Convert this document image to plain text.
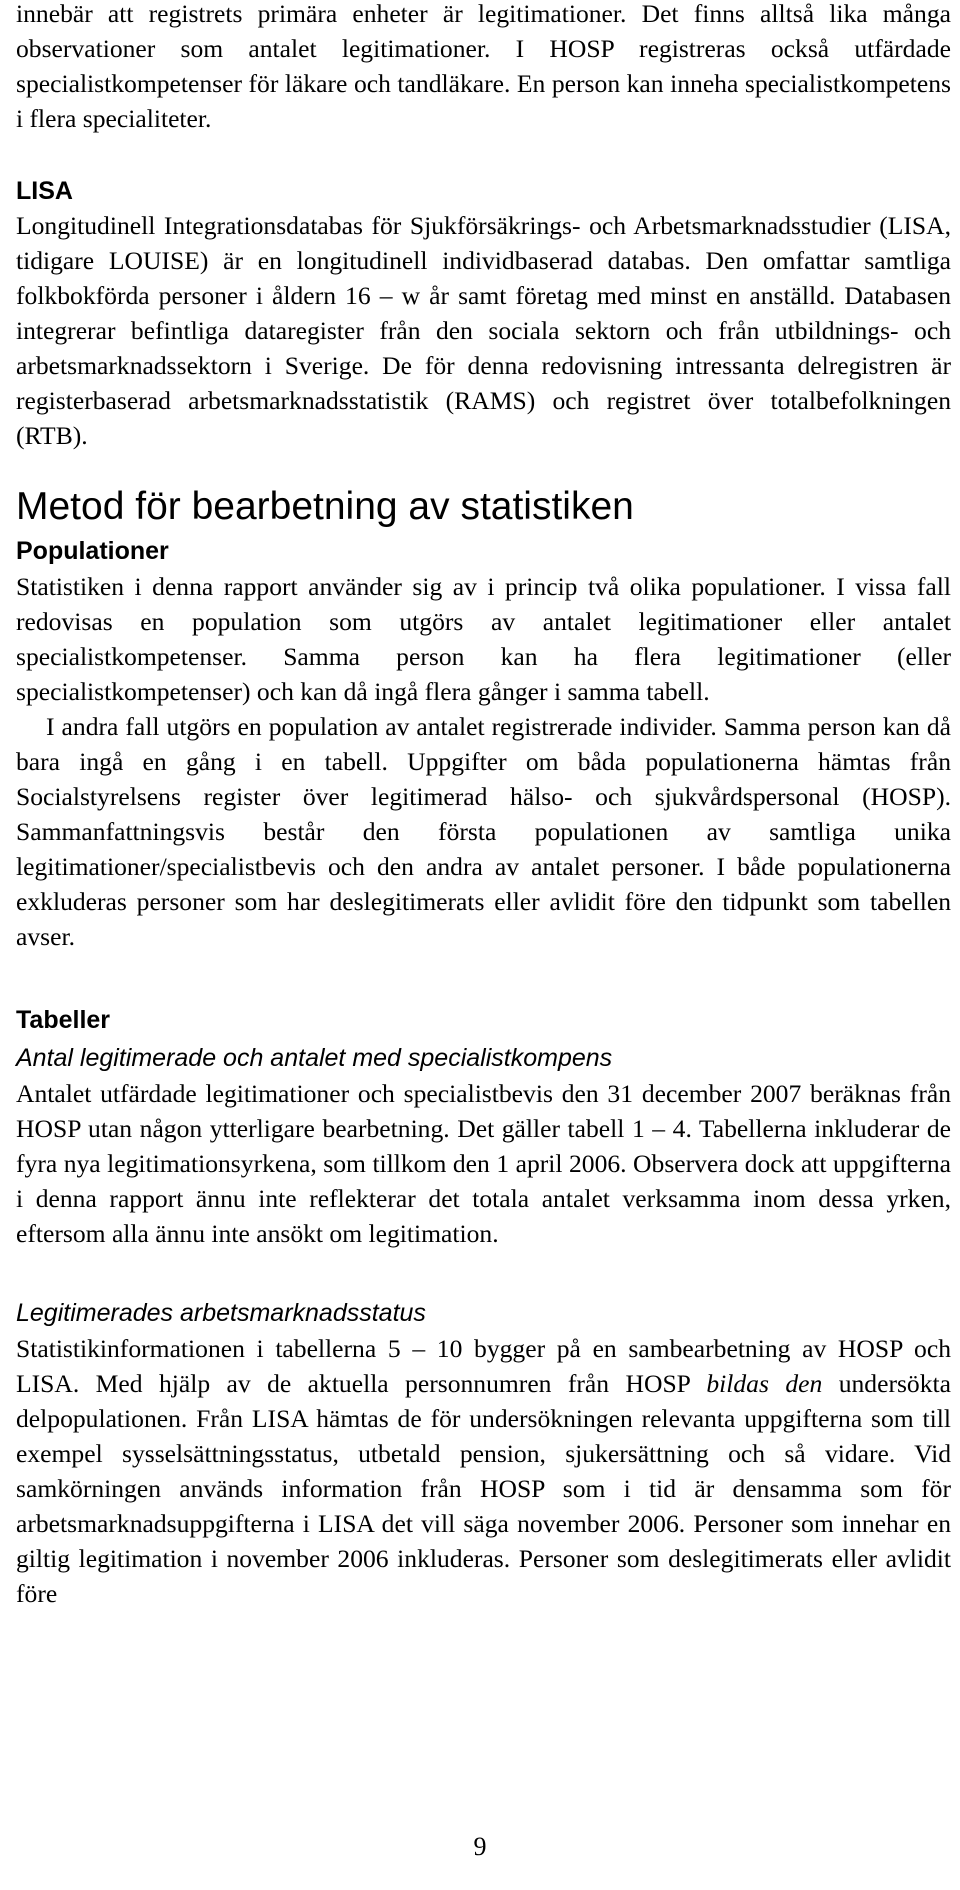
innebär att registrets primära enheter är legitimationer. Det finns alltså lika många observationer som antalet legitimationer. I HOSP registreras också utfärdade specialistkompetenser för läkare och tandläkare. En person kan inneha specialistkompetens i flera specialiteter.

LISA

Longitudinell Integrationsdatabas för Sjukförsäkrings- och Arbetsmarknadsstudier (LISA, tidigare LOUISE) är en longitudinell individbaserad databas. Den omfattar samtliga folkbokförda personer i åldern 16 – w år samt företag med minst en anställd. Databasen integrerar befintliga dataregister från den sociala sektorn och från utbildnings- och arbetsmarknadssektorn i Sverige. De för denna redovisning intressanta delregistren är registerbaserad arbetsmarknadsstatistik (RAMS) och registret över totalbefolkningen (RTB).

Metod för bearbetning av statistiken
Populationer

Statistiken i denna rapport använder sig av i princip två olika populationer. I vissa fall redovisas en population som utgörs av antalet legitimationer eller antalet specialistkompetenser. Samma person kan ha flera legitimationer (eller specialistkompetenser) och kan då ingå flera gånger i samma tabell.

I andra fall utgörs en population av antalet registrerade individer. Samma person kan då bara ingå en gång i en tabell. Uppgifter om båda populationerna hämtas från Socialstyrelsens register över legitimerad hälso- och sjukvårdspersonal (HOSP). Sammanfattningsvis består den första populationen av samtliga unika legitimationer/specialistbevis och den andra av antalet personer. I både populationerna exkluderas personer som har deslegitimerats eller avlidit före den tidpunkt som tabellen avser.

Tabeller
Antal legitimerade och antalet med specialistkompens

Antalet utfärdade legitimationer och specialistbevis den 31 december 2007 beräknas från HOSP utan någon ytterligare bearbetning. Det gäller tabell 1 – 4. Tabellerna inkluderar de fyra nya legitimationsyrkena, som tillkom den 1 april 2006. Observera dock att uppgifterna i denna rapport ännu inte reflekterar det totala antalet verksamma inom dessa yrken, eftersom alla ännu inte ansökt om legitimation.

Legitimerades arbetsmarknadsstatus

Statistikinformationen i tabellerna 5 – 10 bygger på en sambearbetning av HOSP och LISA. Med hjälp av de aktuella personnumren från HOSP bildas den undersökta delpopulationen. Från LISA hämtas de för undersökningen relevanta uppgifterna som till exempel sysselsättningsstatus, utbetald pension, sjukersättning och så vidare. Vid samkörningen används information från HOSP som i tid är densamma som för arbetsmarknadsuppgifterna i LISA det vill säga november 2006. Personer som innehar en giltig legitimation i november 2006 inkluderas. Personer som deslegitimerats eller avlidit före

9
